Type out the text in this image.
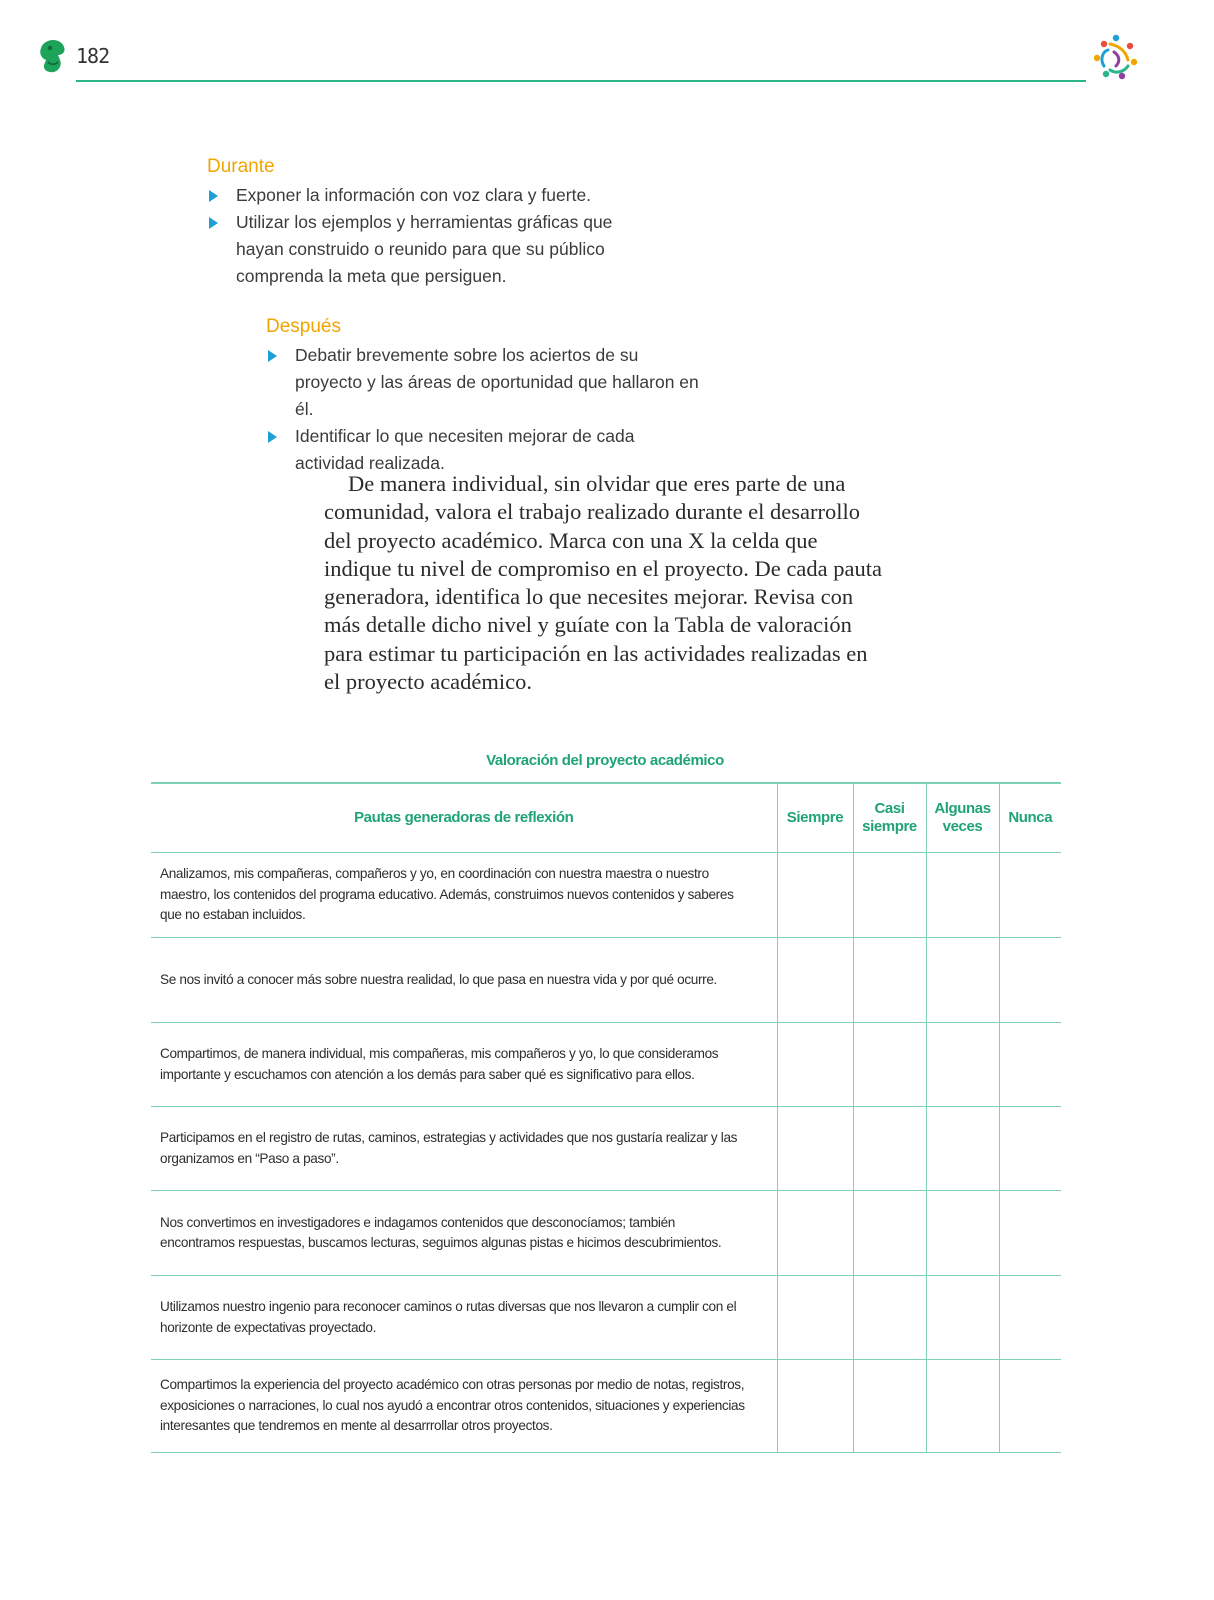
182
Durante
Exponer la información con voz clara y fuerte.
Utilizar los ejemplos y herramientas gráficas que hayan construido o reunido para que su público comprenda la meta que persiguen.
Después
Debatir brevemente sobre los aciertos de su proyecto y las áreas de oportunidad que hallaron en él.
Identificar lo que necesiten mejorar de cada actividad realizada.

De manera individual, sin olvidar que eres parte de una comunidad, valora el trabajo realizado durante el desarrollo del proyecto académico. Marca con una X la celda que indique tu nivel de compromiso en el proyecto. De cada pauta generadora, identifica lo que necesites mejorar. Revisa con más detalle dicho nivel y guíate con la Tabla de valoración para estimar tu participación en las actividades realizadas en el proyecto académico.

Valoración del proyecto académico
Pautas generadoras de reflexión	Siempre	Casi siempre	Algunas veces	Nunca
Analizamos, mis compañeras, compañeros y yo, en coordinación con nuestra maestra o nuestro maestro, los contenidos del programa educativo. Además, construimos nuevos contenidos y saberes que no estaban incluidos.				
Se nos invitó a conocer más sobre nuestra realidad, lo que pasa en nuestra vida y por qué ocurre.				
Compartimos, de manera individual, mis compañeras, mis compañeros y yo, lo que consideramos importante y escuchamos con atención a los demás para saber qué es significativo para ellos.				
Participamos en el registro de rutas, caminos, estrategias y actividades que nos gustaría realizar y las organizamos en “Paso a paso”.				
Nos convertimos en investigadores e indagamos contenidos que desconocíamos; también encontramos respuestas, buscamos lecturas, seguimos algunas pistas e hicimos descubrimientos.				
Utilizamos nuestro ingenio para reconocer caminos o rutas diversas que nos llevaron a cumplir con el horizonte de expectativas proyectado.				
Compartimos la experiencia del proyecto académico con otras personas por medio de notas, registros, exposiciones o narraciones, lo cual nos ayudó a encontrar otros contenidos, situaciones y experiencias interesantes que tendremos en mente al desarrrollar otros proyectos.				
